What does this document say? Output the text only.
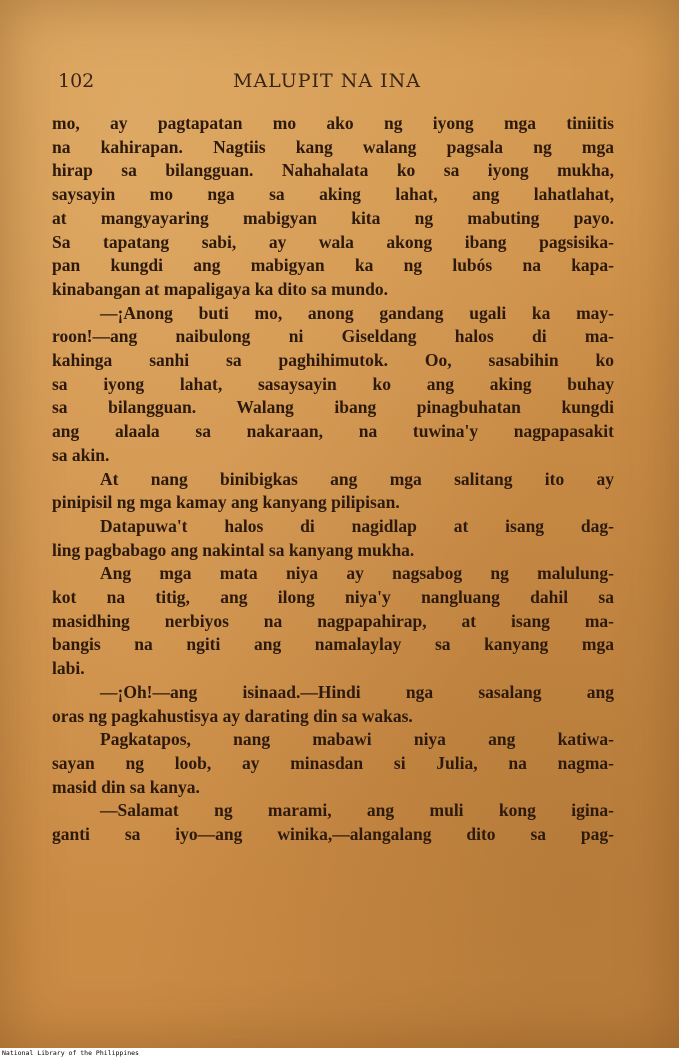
102	MALUPIT NA INA
mo, ay pagtapatan mo ako ng iyong mga tiniitis
na kahirapan. Nagtiis kang walang pagsala ng mga
hirap sa bilangguan. Nahahalata ko sa iyong mukha,
saysayin mo nga sa aking lahat, ang lahatlahat,
at mangyayaring mabigyan kita ng mabuting payo.
Sa tapatang sabi, ay wala akong ibang pagsisika-
pan kungdi ang mabigyan ka ng lubós na kapa-
kinabangan at mapaligaya ka dito sa mundo.
—¡Anong buti mo, anong gandang ugali ka may-
roon!—ang naibulong ni Giseldang halos di ma-
kahinga sanhi sa paghihimutok. Oo, sasabihin ko
sa iyong lahat, sasaysayin ko ang aking buhay
sa bilangguan. Walang ibang pinagbuhatan kungdi
ang alaala sa nakaraan, na tuwina'y nagpapasakit
sa akin.
At nang binibigkas ang mga salitang ito ay
pinipisil ng mga kamay ang kanyang pilipisan.
Datapuwa't halos di nagidlap at isang dag-
ling pagbabago ang nakintal sa kanyang mukha.
Ang mga mata niya ay nagsabog ng malulung-
kot na titig, ang ilong niya'y nangluang dahil sa
masidhing nerbiyos na nagpapahirap, at isang ma-
bangis na ngiti ang namalaylay sa kanyang mga
labi.
—¡Oh!—ang isinaad.—Hindi nga sasalang ang
oras ng pagkahustisya ay darating din sa wakas.
Pagkatapos, nang mabawi niya ang katiwa-
sayan ng loob, ay minasdan si Julia, na nagma-
masid din sa kanya.
—Salamat ng marami, ang muli kong igina-
ganti sa iyo—ang winika,—alangalang dito sa pag-
National Library of the Philippines
